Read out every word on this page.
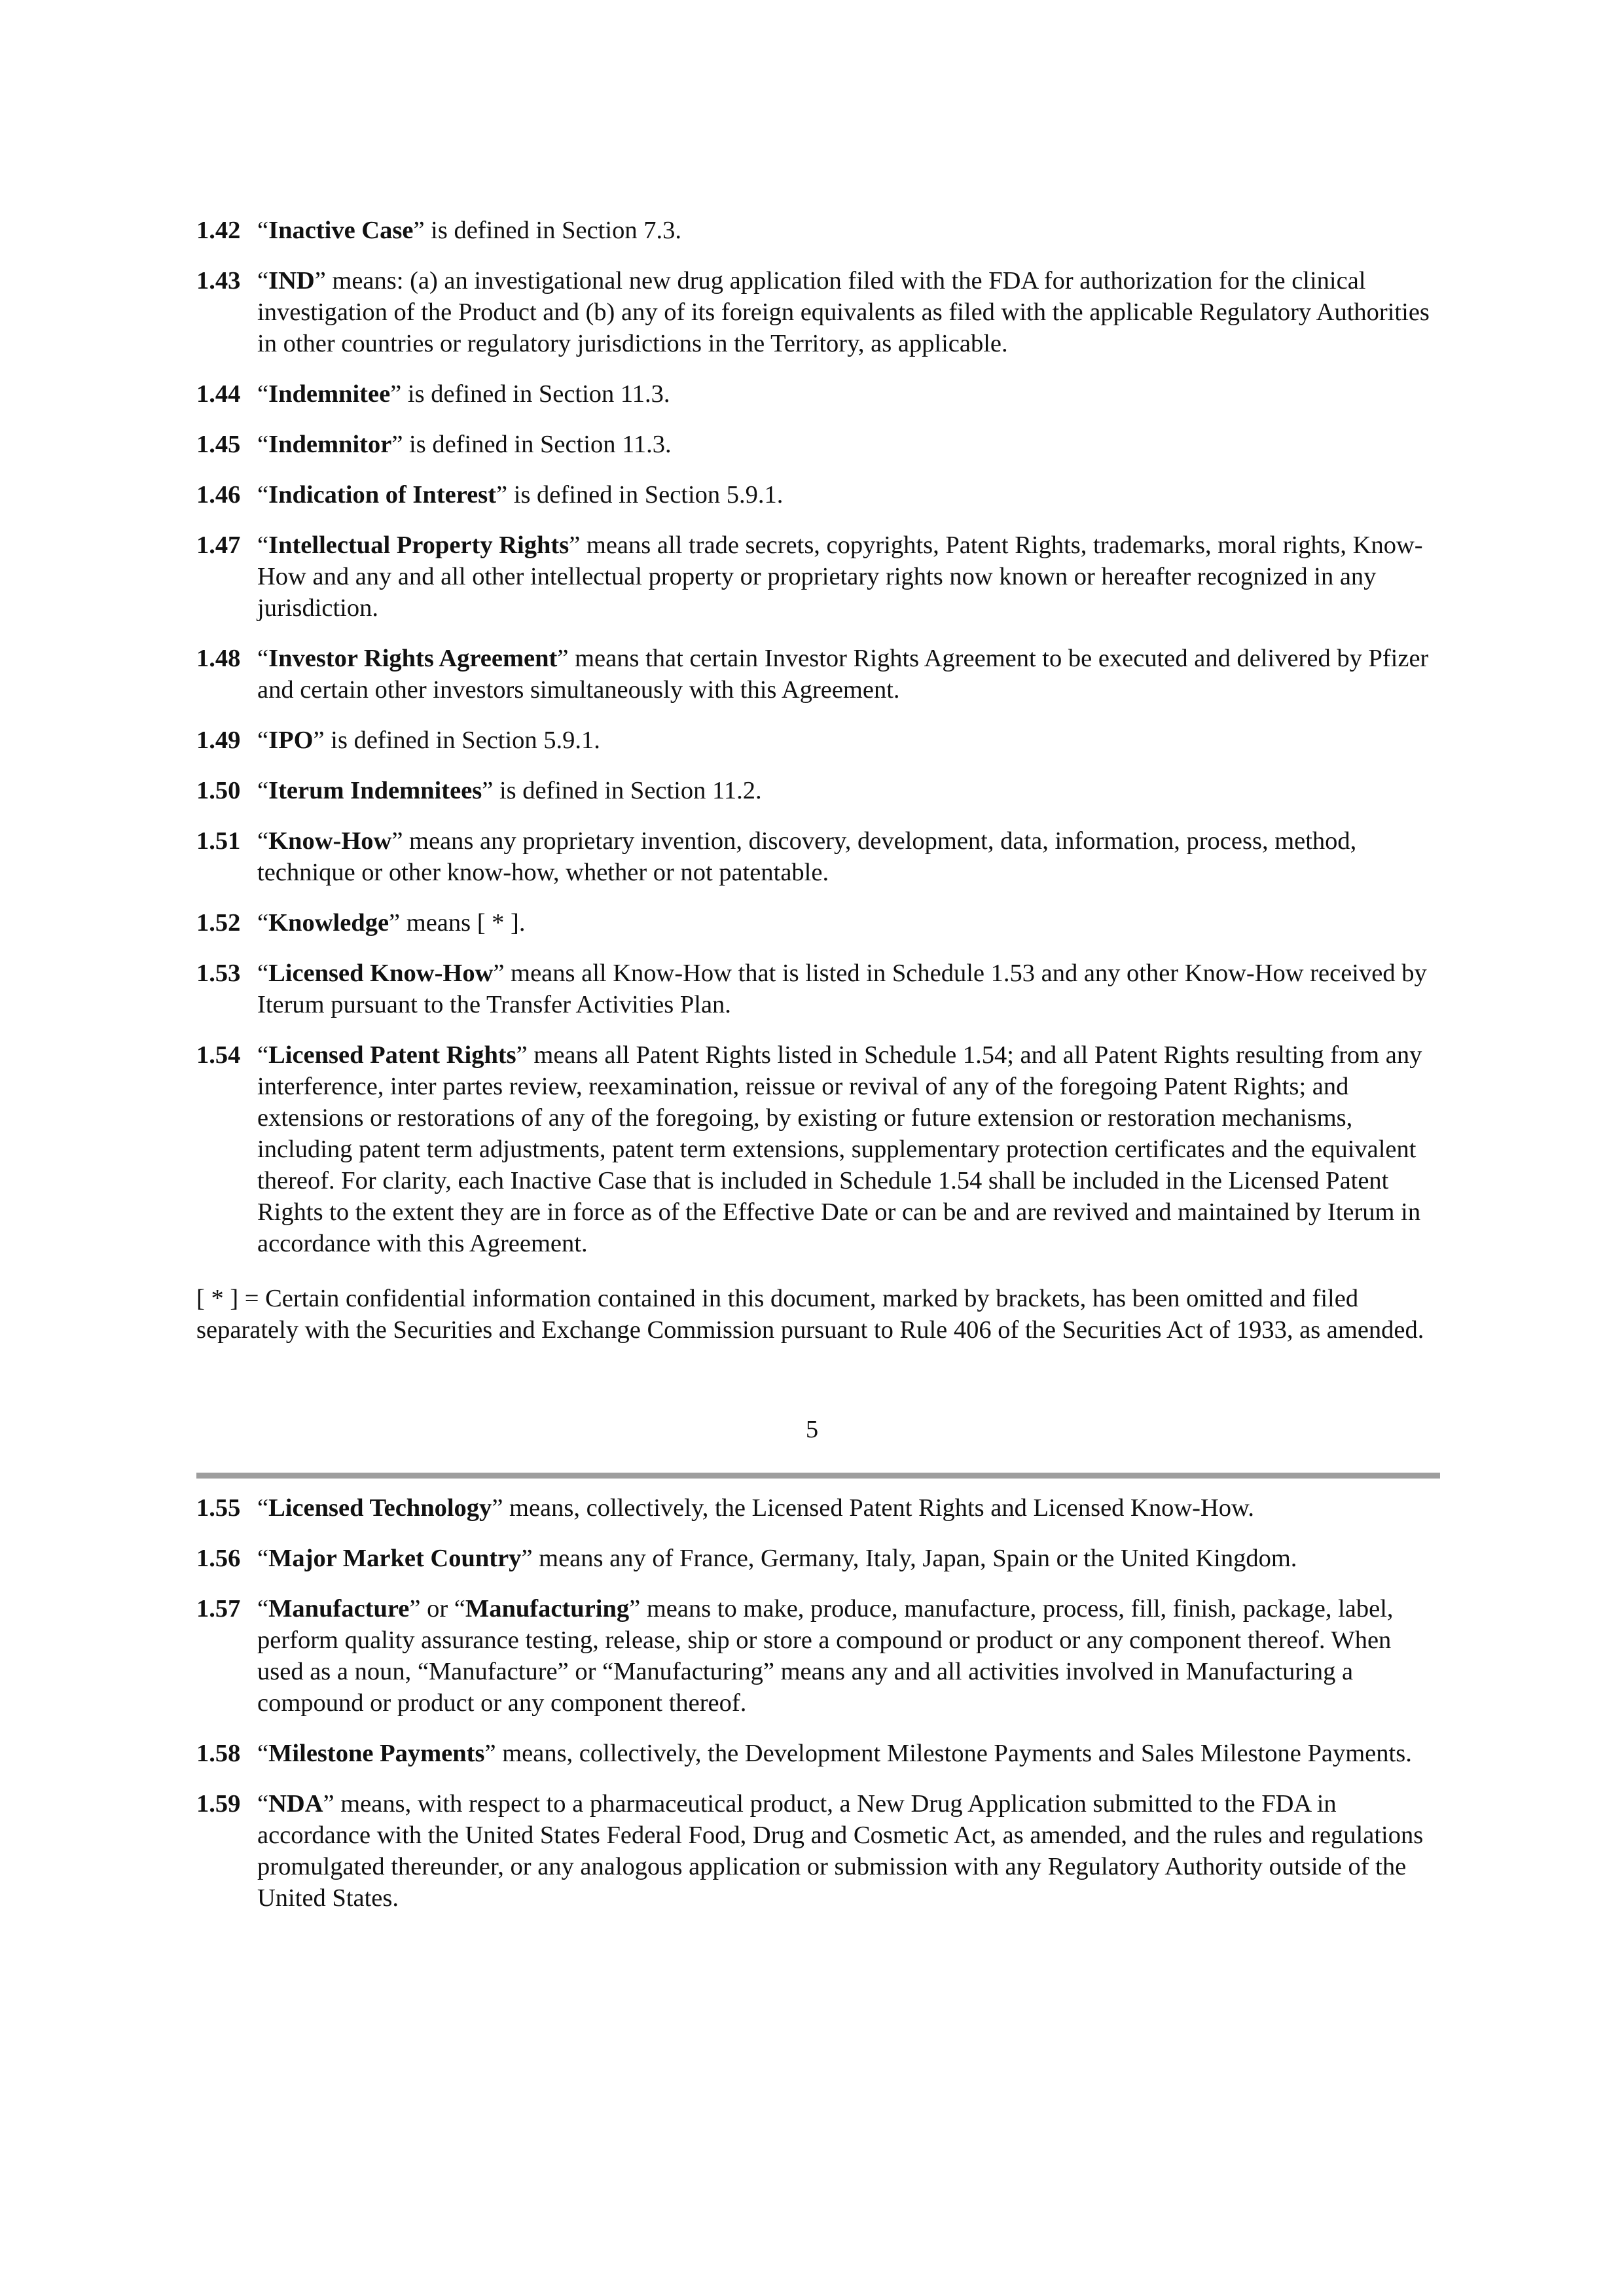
1.42 “Inactive Case” is defined in Section 7.3.
1.43 “IND” means: (a) an investigational new drug application filed with the FDA for authorization for the clinical investigation of the Product and (b) any of its foreign equivalents as filed with the applicable Regulatory Authorities in other countries or regulatory jurisdictions in the Territory, as applicable.
1.44 “Indemnitee” is defined in Section 11.3.
1.45 “Indemnitor” is defined in Section 11.3.
1.46 “Indication of Interest” is defined in Section 5.9.1.
1.47 “Intellectual Property Rights” means all trade secrets, copyrights, Patent Rights, trademarks, moral rights, Know-How and any and all other intellectual property or proprietary rights now known or hereafter recognized in any jurisdiction.
1.48 “Investor Rights Agreement” means that certain Investor Rights Agreement to be executed and delivered by Pfizer and certain other investors simultaneously with this Agreement.
1.49 “IPO” is defined in Section 5.9.1.
1.50 “Iterum Indemnitees” is defined in Section 11.2.
1.51 “Know-How” means any proprietary invention, discovery, development, data, information, process, method, technique or other know-how, whether or not patentable.
1.52 “Knowledge” means [ * ].
1.53 “Licensed Know-How” means all Know-How that is listed in Schedule 1.53 and any other Know-How received by Iterum pursuant to the Transfer Activities Plan.
1.54 “Licensed Patent Rights” means all Patent Rights listed in Schedule 1.54; and all Patent Rights resulting from any interference, inter partes review, reexamination, reissue or revival of any of the foregoing Patent Rights; and extensions or restorations of any of the foregoing, by existing or future extension or restoration mechanisms, including patent term adjustments, patent term extensions, supplementary protection certificates and the equivalent thereof. For clarity, each Inactive Case that is included in Schedule 1.54 shall be included in the Licensed Patent Rights to the extent they are in force as of the Effective Date or can be and are revived and maintained by Iterum in accordance with this Agreement.
[ * ] = Certain confidential information contained in this document, marked by brackets, has been omitted and filed separately with the Securities and Exchange Commission pursuant to Rule 406 of the Securities Act of 1933, as amended.
5
1.55 “Licensed Technology” means, collectively, the Licensed Patent Rights and Licensed Know-How.
1.56 “Major Market Country” means any of France, Germany, Italy, Japan, Spain or the United Kingdom.
1.57 “Manufacture” or “Manufacturing” means to make, produce, manufacture, process, fill, finish, package, label, perform quality assurance testing, release, ship or store a compound or product or any component thereof. When used as a noun, “Manufacture” or “Manufacturing” means any and all activities involved in Manufacturing a compound or product or any component thereof.
1.58 “Milestone Payments” means, collectively, the Development Milestone Payments and Sales Milestone Payments.
1.59 “NDA” means, with respect to a pharmaceutical product, a New Drug Application submitted to the FDA in accordance with the United States Federal Food, Drug and Cosmetic Act, as amended, and the rules and regulations promulgated thereunder, or any analogous application or submission with any Regulatory Authority outside of the United States.
